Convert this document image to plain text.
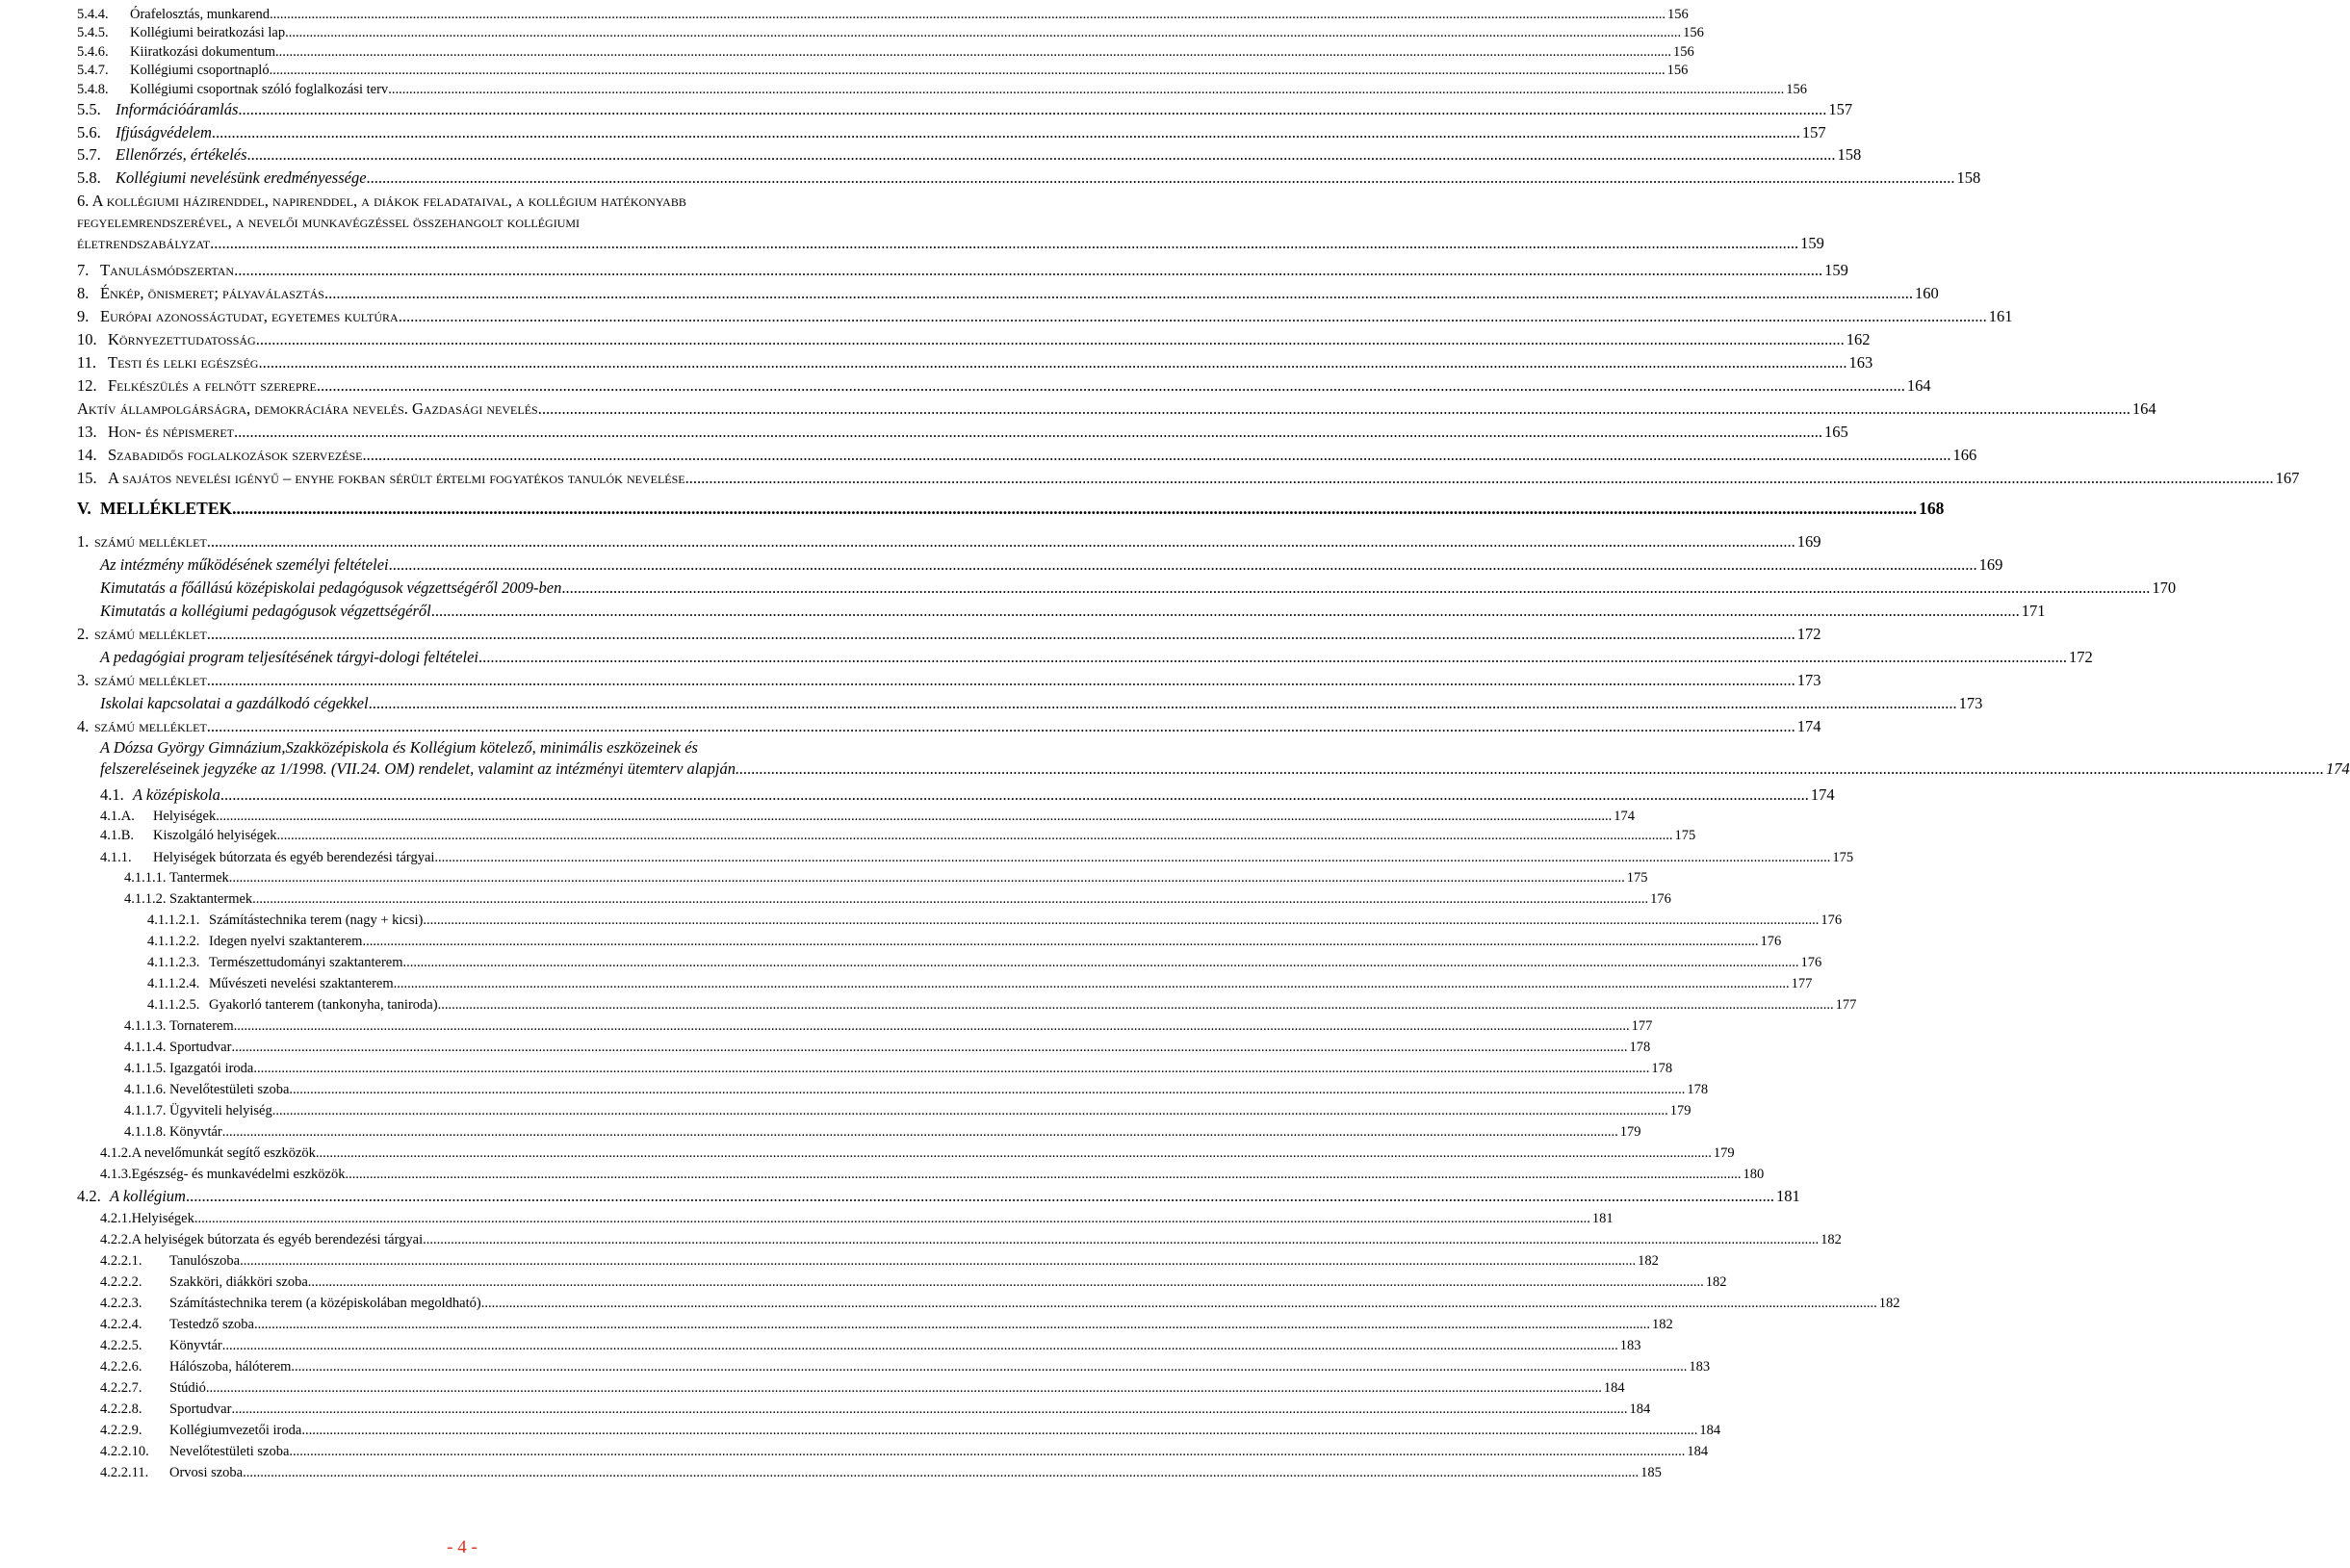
5.4.4.	Órafelosztás, munkarend ................................................................................................................................................................................................................................................................................................................................................................................................................ 156
5.4.5.	Kollégiumi beiratkozási lap ................................................................................................................................................................................................................................................................................................................................................................................................................ 156
5.4.6.	Kiiratkozási dokumentum ................................................................................................................................................................................................................................................................................................................................................................................................................ 156
5.4.7.	Kollégiumi csoportnapló ................................................................................................................................................................................................................................................................................................................................................................................................................ 156
5.4.8.	Kollégiumi csoportnak szóló foglalkozási terv ................................................................................................................................................................................................................................................................................................................................................................................................................ 156
5.5. Információáramlás ................................................................................................................................................................................................................................................................................................................................................................................................................ 157
5.6. Ifjúságvédelem ................................................................................................................................................................................................................................................................................................................................................................................................................ 157
5.7. Ellenőrzés, értékelés ................................................................................................................................................................................................................................................................................................................................................................................................................ 158
5.8. Kollégiumi nevelésünk eredményessége ................................................................................................................................................................................................................................................................................................................................................................................................................ 158
7. Tanulásmódszertan ................................................................................................................................................................................................................................................................................................................................................................................................................ 159
8. Énkép, önismeret; pályaválasztás ................................................................................................................................................................................................................................................................................................................................................................................................................ 160
9. Európai azonosságtudat, egyetemes kultúra ................................................................................................................................................................................................................................................................................................................................................................................................................ 161
10. Környezettudatosság ................................................................................................................................................................................................................................................................................................................................................................................................................ 162
11. Testi és lelki egészség ................................................................................................................................................................................................................................................................................................................................................................................................................ 163
12. Felkészülés a felnőtt szerepre ................................................................................................................................................................................................................................................................................................................................................................................................................ 164
Aktív állampolgárságra, demokráciára nevelés. Gazdasági nevelés. ................................................................................................................................................................................................................................................................................................................................................................................................................ 164
13. Hon- és népismeret ................................................................................................................................................................................................................................................................................................................................................................................................................ 165
14. Szabadidős foglalkozások szervezése ................................................................................................................................................................................................................................................................................................................................................................................................................ 166
15. A sajátos nevelési igényű – enyhe fokban sérült értelmi fogyatékos tanulók nevelése ................................................................................................................................................................................................................................................................................................................................................................................................................ 167
V. MELLÉKLETEK ................................................................................................................................................................................................................................................................................................................................................................................................................ 168
1. számú melléklet ................................................................................................................................................................................................................................................................................................................................................................................................................ 169
Az intézmény működésének személyi feltételei ................................................................................................................................................................................................................................................................................................................................................................................................................ 169
Kimutatás a főállású középiskolai pedagógusok végzettségéről 2009-ben ................................................................................................................................................................................................................................................................................................................................................................................................................ 170
Kimutatás a kollégiumi pedagógusok végzettségéről ................................................................................................................................................................................................................................................................................................................................................................................................................ 171
2. számú melléklet ................................................................................................................................................................................................................................................................................................................................................................................................................ 172
A pedagógiai program teljesítésének tárgyi-dologi feltételei ................................................................................................................................................................................................................................................................................................................................................................................................................ 172
3. számú melléklet ................................................................................................................................................................................................................................................................................................................................................................................................................ 173
Iskolai kapcsolatai a gazdálkodó cégekkel ................................................................................................................................................................................................................................................................................................................................................................................................................ 173
4. számú melléklet ................................................................................................................................................................................................................................................................................................................................................................................................................ 174
4.1. A középiskola ................................................................................................................................................................................................................................................................................................................................................................................................................ 174
4.1.A.	Helyiségek ................................................................................................................................................................................................................................................................................................................................................................................................................ 174
4.1.B.	Kiszolgáló helyiségek ................................................................................................................................................................................................................................................................................................................................................................................................................ 175
4.1.1.	Helyiségek bútorzata és egyéb berendezési tárgyai ................................................................................................................................................................................................................................................................................................................................................................................................................ 175
4.1.1.1. Tantermek ................................................................................................................................................................................................................................................................................................................................................................................................................ 175
4.1.1.2. Szaktantermek ................................................................................................................................................................................................................................................................................................................................................................................................................ 176
4.1.1.2.1. Számítástechnika terem (nagy + kicsi) ................................................................................................................................................................................................................................................................................................................................................................................................................ 176
4.1.1.2.2. Idegen nyelvi szaktanterem ................................................................................................................................................................................................................................................................................................................................................................................................................ 176
4.1.1.2.3. Természettudományi szaktanterem ................................................................................................................................................................................................................................................................................................................................................................................................................ 176
4.1.1.2.4. Művészeti nevelési szaktanterem ................................................................................................................................................................................................................................................................................................................................................................................................................ 177
4.1.1.2.5. Gyakorló tanterem (tankonyha, taniroda) ................................................................................................................................................................................................................................................................................................................................................................................................................ 177
4.1.1.3. Tornaterem ................................................................................................................................................................................................................................................................................................................................................................................................................ 177
4.1.1.4. Sportudvar ................................................................................................................................................................................................................................................................................................................................................................................................................ 178
4.1.1.5. Igazgatói iroda ................................................................................................................................................................................................................................................................................................................................................................................................................ 178
4.1.1.6. Nevelőtestületi szoba ................................................................................................................................................................................................................................................................................................................................................................................................................ 178
4.1.1.7. Ügyviteli helyiség ................................................................................................................................................................................................................................................................................................................................................................................................................ 179
4.1.1.8. Könyvtár ................................................................................................................................................................................................................................................................................................................................................................................................................ 179
4.1.2. A nevelőmunkát segítő eszközök ................................................................................................................................................................................................................................................................................................................................................................................................................ 179
4.1.3. Egészség- és munkavédelmi eszközök ................................................................................................................................................................................................................................................................................................................................................................................................................ 180
4.2. A kollégium ................................................................................................................................................................................................................................................................................................................................................................................................................ 181
4.2.1. Helyiségek ................................................................................................................................................................................................................................................................................................................................................................................................................ 181
4.2.2. A helyiségek bútorzata és egyéb berendezési tárgyai ................................................................................................................................................................................................................................................................................................................................................................................................................ 182
4.2.2.1.	Tanulószoba ................................................................................................................................................................................................................................................................................................................................................................................................................ 182
4.2.2.2.	Szakköri, diákköri szoba ................................................................................................................................................................................................................................................................................................................................................................................................................ 182
4.2.2.3.	Számítástechnika terem (a középiskolában megoldható) ................................................................................................................................................................................................................................................................................................................................................................................................................ 182
4.2.2.4.	Testedző szoba ................................................................................................................................................................................................................................................................................................................................................................................................................ 182
4.2.2.5.	Könyvtár ................................................................................................................................................................................................................................................................................................................................................................................................................ 183
4.2.2.6.	Hálószoba, hálóterem ................................................................................................................................................................................................................................................................................................................................................................................................................ 183
4.2.2.7.	Stúdió ................................................................................................................................................................................................................................................................................................................................................................................................................ 184
4.2.2.8.	Sportudvar ................................................................................................................................................................................................................................................................................................................................................................................................................ 184
4.2.2.9.	Kollégiumvezetői iroda ................................................................................................................................................................................................................................................................................................................................................................................................................ 184
4.2.2.10.	Nevelőtestületi szoba ................................................................................................................................................................................................................................................................................................................................................................................................................ 184
4.2.2.11.	Orvosi szoba ................................................................................................................................................................................................................................................................................................................................................................................................................ 185
6. A kollégiumi házirenddel, napirenddel, a diákok feladataival, a kollégium hatékonyabb
fegyelemrendszerével, a nevelői munkavégzéssel összehangolt kollégiumi
életrendszabályzat ................................................................................................................................................................................................................................................................................................................................................................................................................ 159
A Dózsa György Gimnázium,Szakközépiskola és Kollégium kötelező, minimális eszközeinek és
felszereléseinek jegyzéke az 1/1998. (VII.24. OM) rendelet, valamint az intézményi ütemterv alapján ................................................................................................................................................................................................................................................................................................................................................................................................................ 174
- 4 -
